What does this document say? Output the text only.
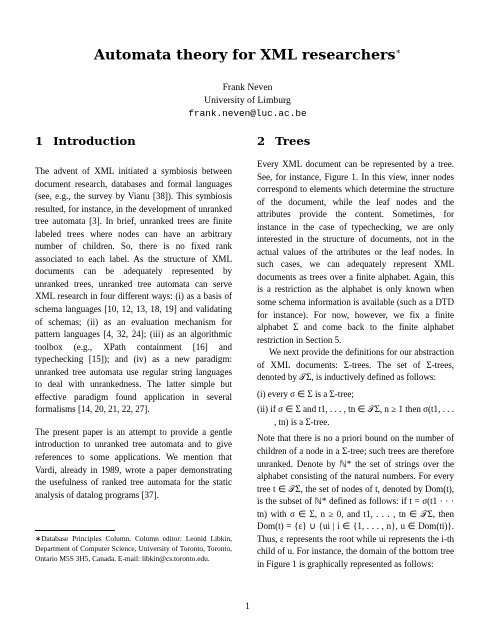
Automata theory for XML researchers∗
Frank Neven
University of Limburg
frank.neven@luc.ac.be
1 Introduction

The advent of XML initiated a symbiosis between document research, databases and formal languages (see, e.g., the survey by Vianu [38]). This symbiosis resulted, for instance, in the development of unranked tree automata [3]. In brief, unranked trees are finite labeled trees where nodes can have an arbitrary number of children. So, there is no fixed rank associated to each label. As the structure of XML documents can be adequately represented by unranked trees, unranked tree automata can serve XML research in four different ways: (i) as a basis of schema languages [10, 12, 13, 18, 19] and validating of schemas; (ii) as an evaluation mechanism for pattern languages [4, 32, 24]; (iii) as an algorithmic toolbox (e.g., XPath containment [16] and typechecking [15]); and (iv) as a new paradigm: unranked tree automata use regular string languages to deal with unrankedness. The latter simple but effective paradigm found application in several formalisms [14, 20, 21, 22, 27].

The present paper is an attempt to provide a gentle introduction to unranked tree automata and to give references to some applications. We mention that Vardi, already in 1989, wrote a paper demonstrating the usefulness of ranked tree automata for the static analysis of datalog programs [37].

∗Database Principles Column. Column editor: Leonid Libkin, Department of Computer Science, University of Toronto, Toronto, Ontario M5S 3H5, Canada. E-mail: libkin@cs.toronto.edu.

2 Trees

Every XML document can be represented by a tree. See, for instance, Figure 1. In this view, inner nodes correspond to elements which determine the structure of the document, while the leaf nodes and the attributes provide the content. Sometimes, for instance in the case of typechecking, we are only interested in the structure of documents, not in the actual values of the attributes or the leaf nodes. In such cases, we can adequately represent XML documents as trees over a finite alphabet. Again, this is a restriction as the alphabet is only known when some schema information is available (such as a DTD for instance). For now, however, we fix a finite alphabet Σ and come back to the finite alphabet restriction in Section 5.

We next provide the definitions for our abstraction of XML documents: Σ-trees. The set of Σ-trees, denoted by 𝒯Σ, is inductively defined as follows:

(i) every σ ∈ Σ is a Σ-tree;

(ii) if σ ∈ Σ and t1, . . . , tn ∈ 𝒯Σ, n ≥ 1 then σ(t1, . . . , tn) is a Σ-tree.

Note that there is no a priori bound on the number of children of a node in a Σ-tree; such trees are therefore unranked. Denote by ℕ* the set of strings over the alphabet consisting of the natural numbers. For every tree t ∈ 𝒯Σ, the set of nodes of t, denoted by Dom(t), is the subset of ℕ* defined as follows: if t = σ(t1 · · · tn) with σ ∈ Σ, n ≥ 0, and t1, . . . , tn ∈ 𝒯Σ, then Dom(t) = {ε} ∪ {ui | i ∈ {1, . . . , n}, u ∈ Dom(ti)}. Thus, ε represents the root while ui represents the i-th child of u. For instance, the domain of the bottom tree in Figure 1 is graphically represented as follows:

1
